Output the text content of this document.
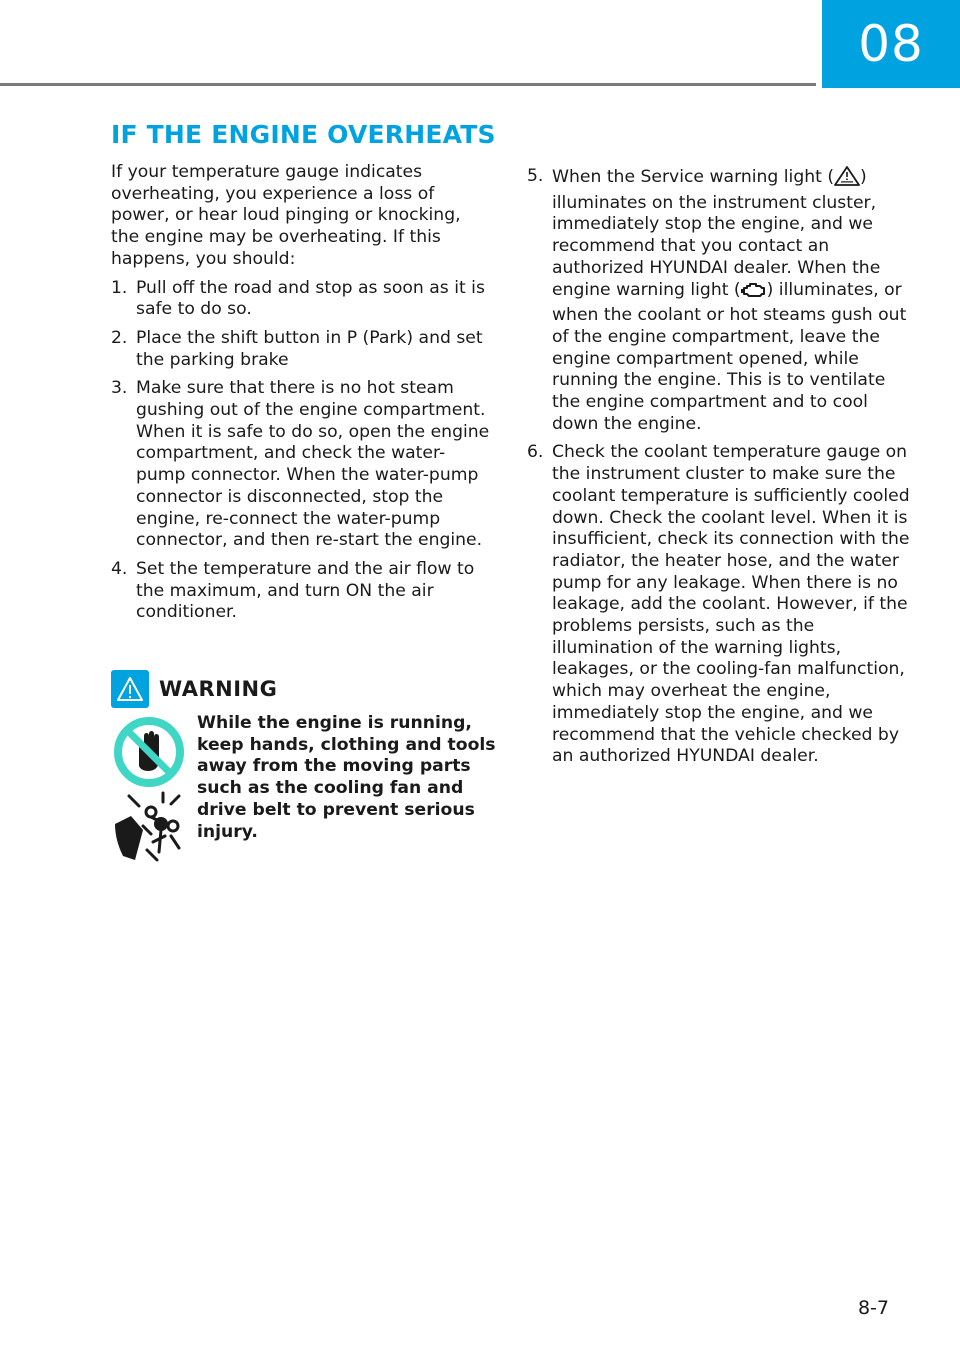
08
IF THE ENGINE OVERHEATS

If your temperature gauge indicates overheating, you experience a loss of power, or hear loud pinging or knocking, the engine may be overheating. If this happens, you should:

1. Pull off the road and stop as soon as it is safe to do so.
2. Place the shift button in P (Park) and set the parking brake
3. Make sure that there is no hot steam gushing out of the engine compartment. When it is safe to do so, open the engine compartment, and check the water-pump connector. When the water-pump connector is disconnected, stop the engine, re-connect the water-pump connector, and then re-start the engine.
4. Set the temperature and the air flow to the maximum, and turn ON the air conditioner.
WARNING
While the engine is running, keep hands, clothing and tools away from the moving parts such as the cooling fan and drive belt to prevent serious injury.
5. When the Service warning light ( ) illuminates on the instrument cluster, immediately stop the engine, and we recommend that you contact an authorized HYUNDAI dealer. When the engine warning light ( ) illuminates, or when the coolant or hot steams gush out of the engine compartment, leave the engine compartment opened, while running the engine. This is to ventilate the engine compartment and to cool down the engine.
6. Check the coolant temperature gauge on the instrument cluster to make sure the coolant temperature is sufficiently cooled down. Check the coolant level. When it is insufficient, check its connection with the radiator, the heater hose, and the water pump for any leakage. When there is no leakage, add the coolant. However, if the problems persists, such as the illumination of the warning lights, leakages, or the cooling-fan malfunction, which may overheat the engine, immediately stop the engine, and we recommend that the vehicle checked by an authorized HYUNDAI dealer.
8-7
